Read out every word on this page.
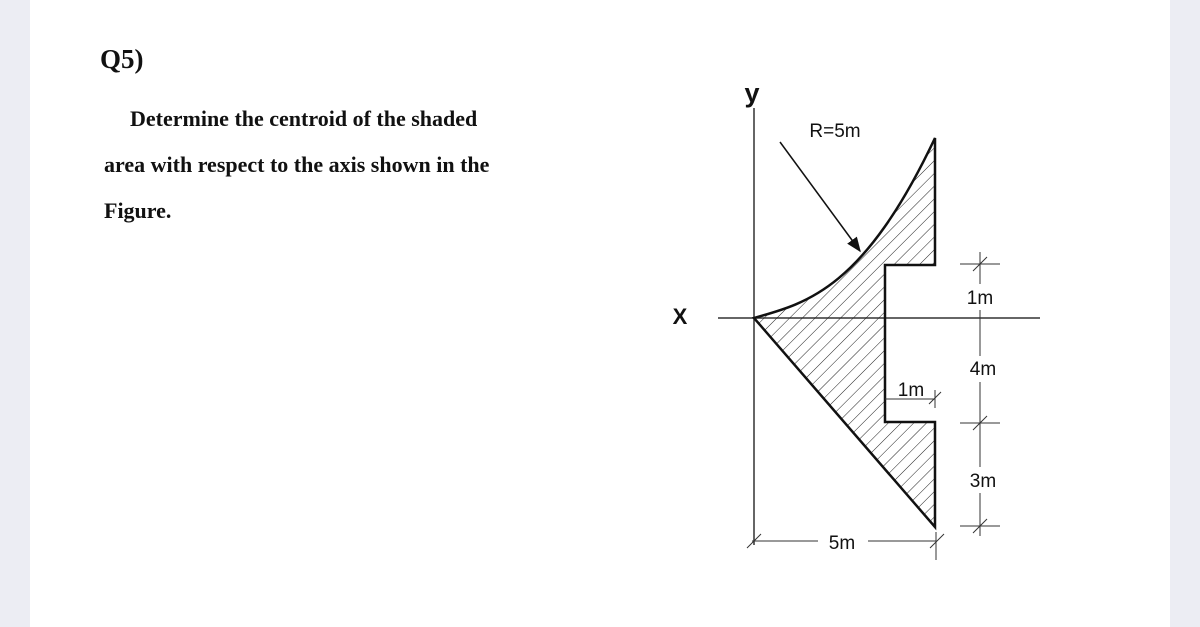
Q5)
Determine the centroid of the shaded
area with respect to the axis shown in the
Figure.
y
X
R=5m
1m
4m
3m
1m
5m
